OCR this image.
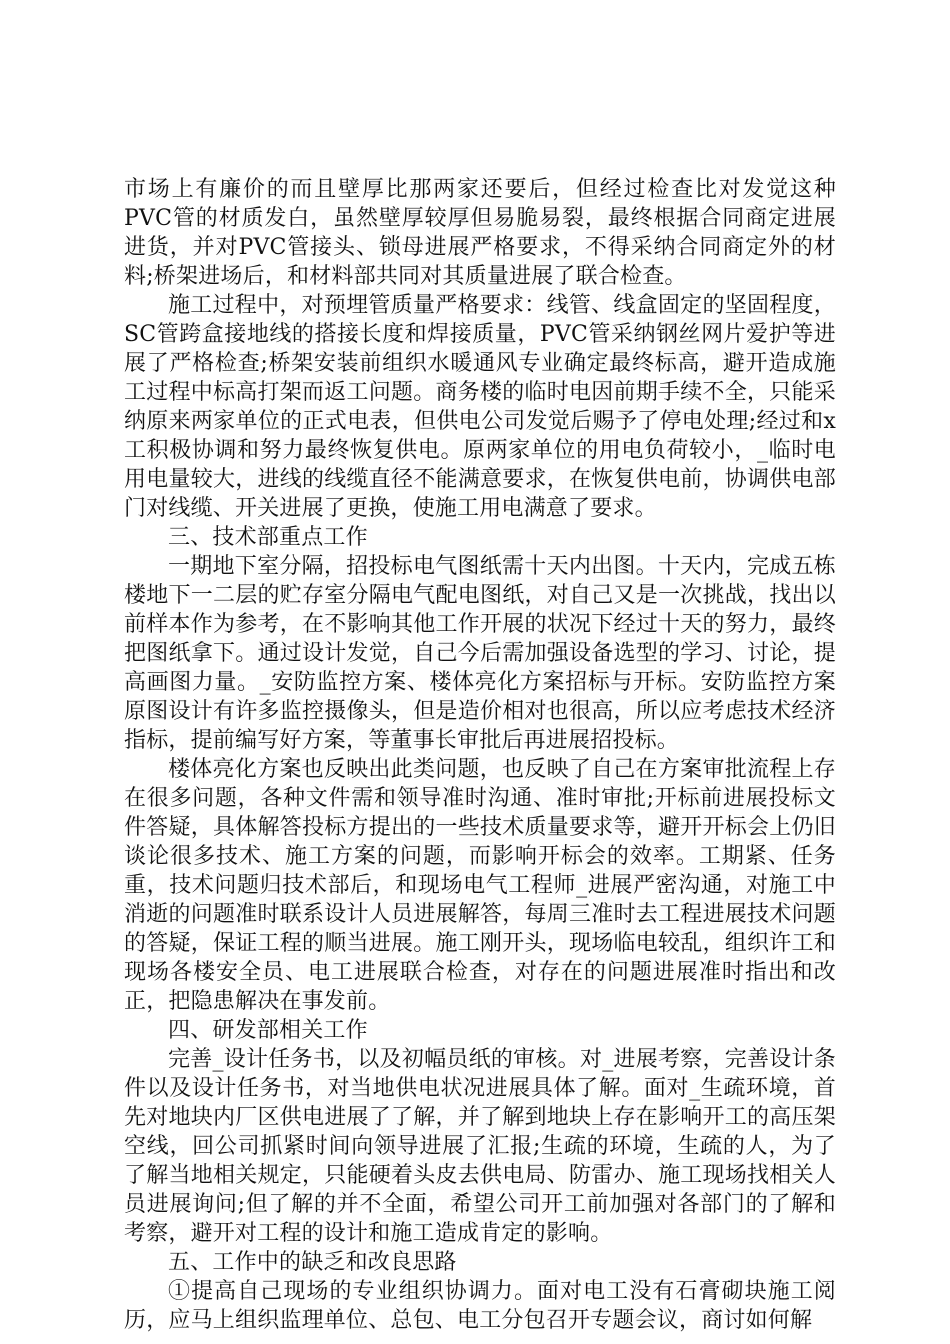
市场上有廉价的而且壁厚比那两家还要后，但经过检查比对发觉这种PVC管的材质发白，虽然壁厚较厚但易脆易裂，最终根据合同商定进展进货，并对PVC管接头、锁母进展严格要求，不得采纳合同商定外的材料;桥架进场后，和材料部共同对其质量进展了联合检查。

施工过程中，对预埋管质量严格要求：线管、线盒固定的坚固程度，SC管跨盒接地线的搭接长度和焊接质量，PVC管采纳钢丝网片爱护等进展了严格检查;桥架安装前组织水暖通风专业确定最终标高，避开造成施工过程中标高打架而返工问题。商务楼的临时电因前期手续不全，只能采纳原来两家单位的正式电表，但供电公司发觉后赐予了停电处理;经过和x工积极协调和努力最终恢复供电。原两家单位的用电负荷较小，_临时电用电量较大，进线的线缆直径不能满意要求，在恢复供电前，协调供电部门对线缆、开关进展了更换，使施工用电满意了要求。

三、技术部重点工作

一期地下室分隔，招投标电气图纸需十天内出图。十天内，完成五栋楼地下一二层的贮存室分隔电气配电图纸，对自己又是一次挑战，找出以前样本作为参考，在不影响其他工作开展的状况下经过十天的努力，最终把图纸拿下。通过设计发觉，自己今后需加强设备选型的学习、讨论，提高画图力量。_安防监控方案、楼体亮化方案招标与开标。安防监控方案原图设计有许多监控摄像头，但是造价相对也很高，所以应考虑技术经济指标，提前编写好方案，等董事长审批后再进展招投标。

楼体亮化方案也反映出此类问题，也反映了自己在方案审批流程上存在很多问题，各种文件需和领导准时沟通、准时审批;开标前进展投标文件答疑，具体解答投标方提出的一些技术质量要求等，避开开标会上仍旧谈论很多技术、施工方案的问题，而影响开标会的效率。工期紧、任务重，技术问题归技术部后，和现场电气工程师_进展严密沟通，对施工中消逝的问题准时联系设计人员进展解答，每周三准时去工程进展技术问题的答疑，保证工程的顺当进展。施工刚开头，现场临电较乱，组织许工和现场各楼安全员、电工进展联合检查，对存在的问题进展准时指出和改正，把隐患解决在事发前。

四、研发部相关工作

完善_设计任务书，以及初幅员纸的审核。对_进展考察，完善设计条件以及设计任务书，对当地供电状况进展具体了解。面对_生疏环境，首先对地块内厂区供电进展了了解，并了解到地块上存在影响开工的高压架空线，回公司抓紧时间向领导进展了汇报;生疏的环境，生疏的人，为了了解当地相关规定，只能硬着头皮去供电局、防雷办、施工现场找相关人员进展询问;但了解的并不全面，希望公司开工前加强对各部门的了解和考察，避开对工程的设计和施工造成肯定的影响。

五、工作中的缺乏和改良思路

①提高自己现场的专业组织协调力。面对电工没有石膏砌块施工阅历，应马上组织监理单位、总包、电工分包召开专题会议，商讨如何解
